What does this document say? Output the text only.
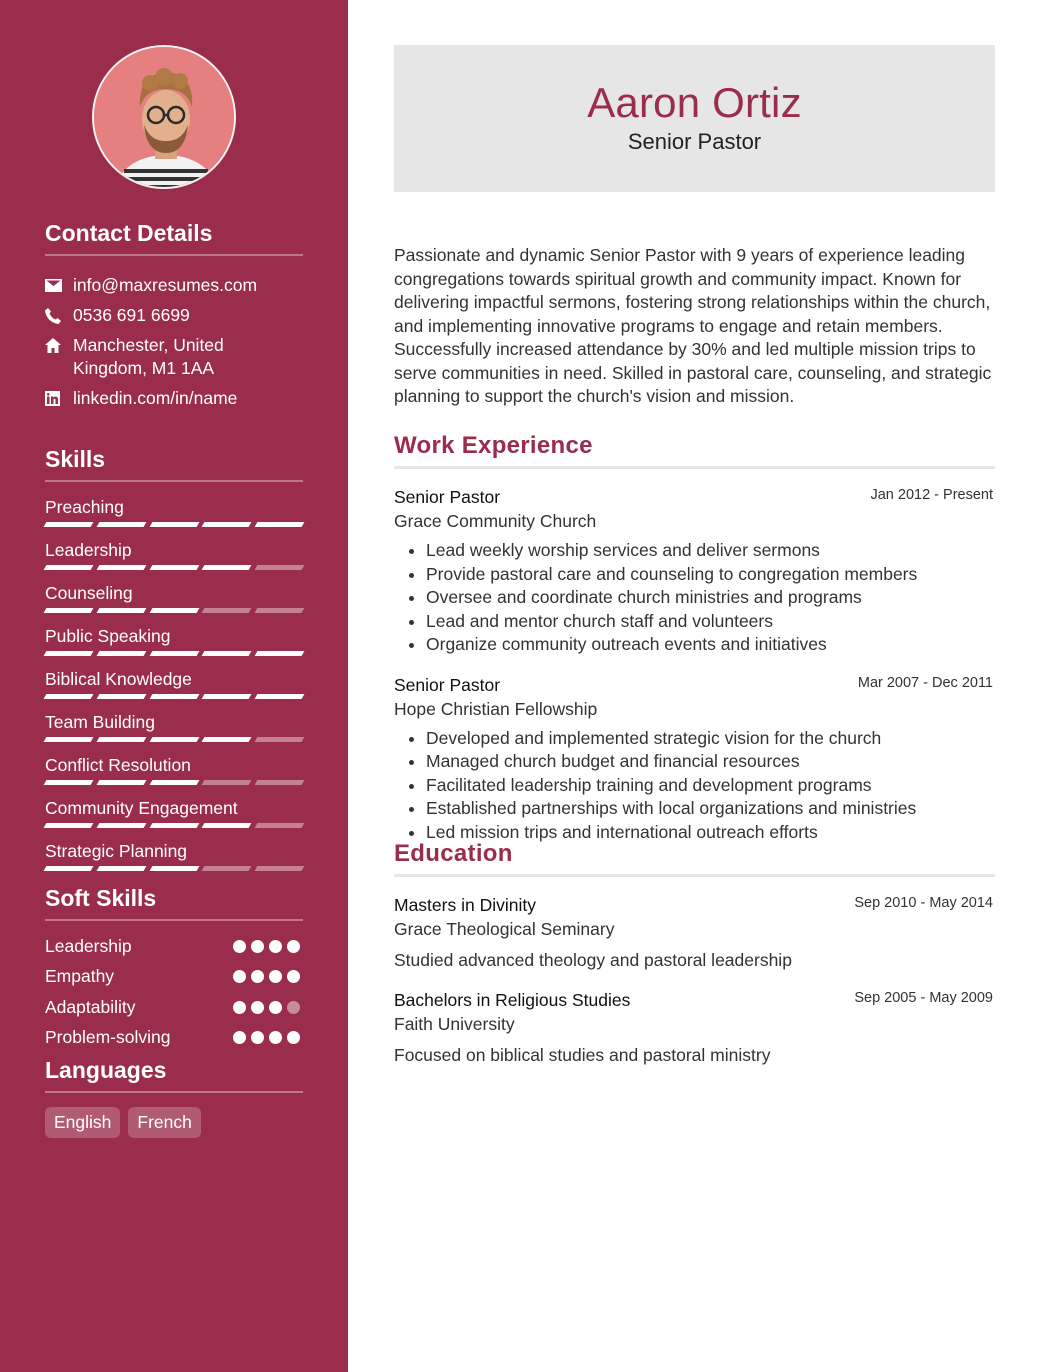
Contact Details
info@maxresumes.com
0536 691 6699
Manchester, United Kingdom, M1 1AA
linkedin.com/in/name
Skills
Preaching
Leadership
Counseling
Public Speaking
Biblical Knowledge
Team Building
Conflict Resolution
Community Engagement
Strategic Planning
Soft Skills
Leadership
Empathy
Adaptability
Problem-solving
Languages
English	French
Aaron Ortiz
Senior Pastor

Passionate and dynamic Senior Pastor with 9 years of experience leading congregations towards spiritual growth and community impact. Known for delivering impactful sermons, fostering strong relationships within the church, and implementing innovative programs to engage and retain members. Successfully increased attendance by 30% and led multiple mission trips to serve communities in need. Skilled in pastoral care, counseling, and strategic planning to support the church's vision and mission.

Work Experience
Senior Pastor	Jan 2012 - Present
Grace Community Church
• Lead weekly worship services and deliver sermons
• Provide pastoral care and counseling to congregation members
• Oversee and coordinate church ministries and programs
• Lead and mentor church staff and volunteers
• Organize community outreach events and initiatives
Senior Pastor	Mar 2007 - Dec 2011
Hope Christian Fellowship
• Developed and implemented strategic vision for the church
• Managed church budget and financial resources
• Facilitated leadership training and development programs
• Established partnerships with local organizations and ministries
• Led mission trips and international outreach efforts
Education
Masters in Divinity	Sep 2010 - May 2014
Grace Theological Seminary
Studied advanced theology and pastoral leadership
Bachelors in Religious Studies	Sep 2005 - May 2009
Faith University
Focused on biblical studies and pastoral ministry
